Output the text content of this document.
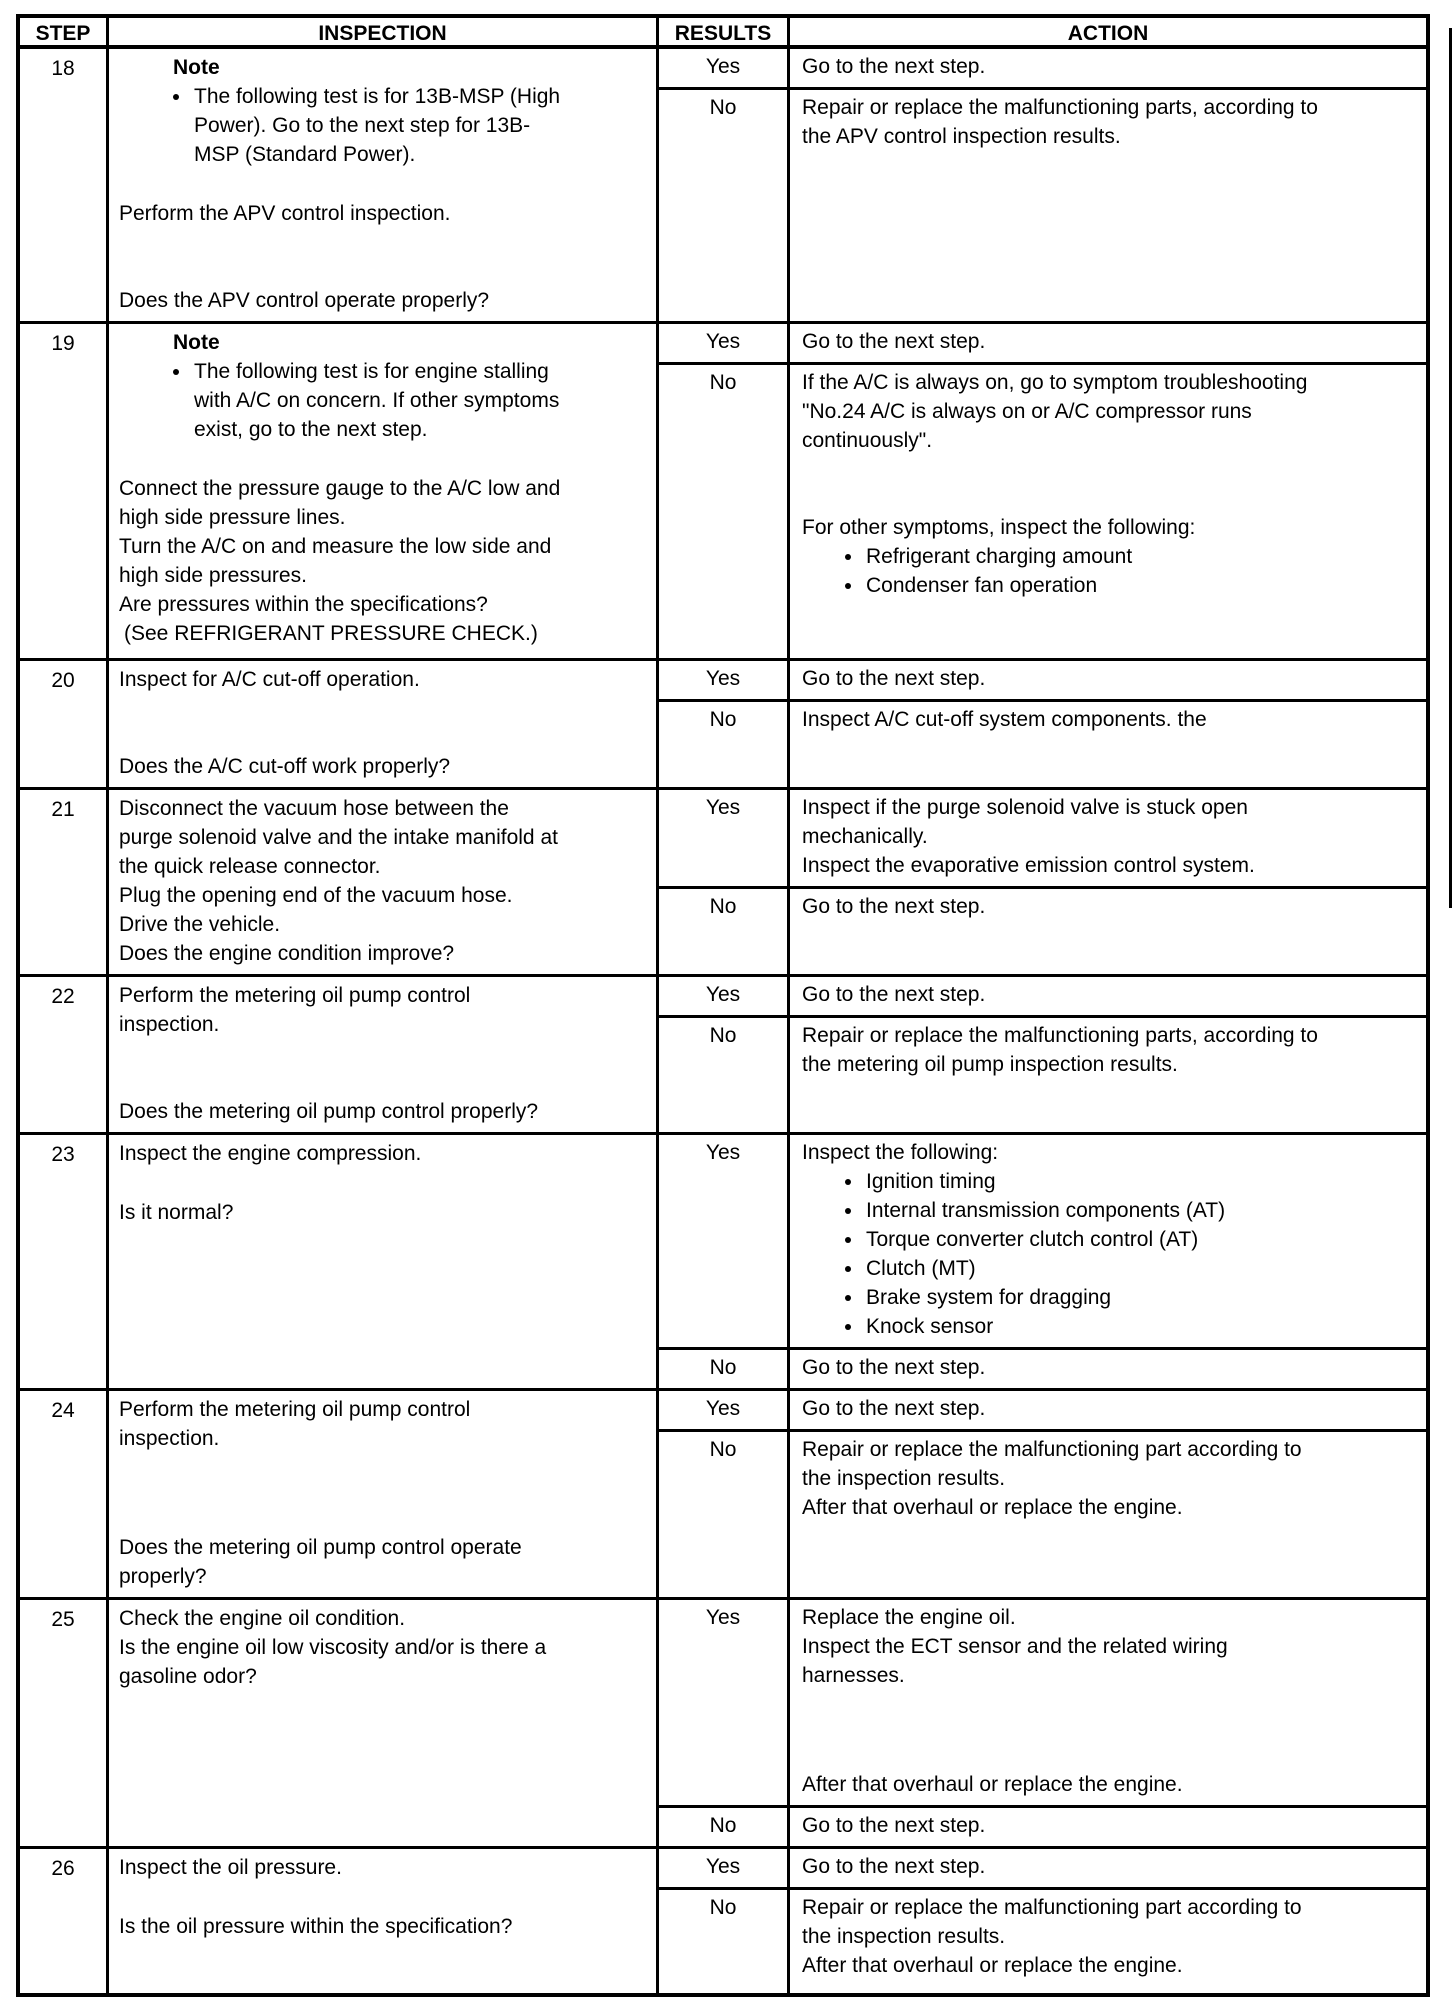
STEP	INSPECTION	RESULTS	ACTION
18	Note
• The following test is for 13B-MSP (High Power). Go to the next step for 13B-MSP (Standard Power).
Perform the APV control inspection.
Does the APV control operate properly?
Yes	Go to the next step.
No	Repair or replace the malfunctioning parts, according to the APV control inspection results.
19	Note
• The following test is for engine stalling with A/C on concern. If other symptoms exist, go to the next step.
Connect the pressure gauge to the A/C low and high side pressure lines.
Turn the A/C on and measure the low side and high side pressures.
Are pressures within the specifications?
(See REFRIGERANT PRESSURE CHECK.)
Yes	Go to the next step.
No	If the A/C is always on, go to symptom troubleshooting "No.24 A/C is always on or A/C compressor runs continuously".
For other symptoms, inspect the following:
• Refrigerant charging amount
• Condenser fan operation
20	Inspect for A/C cut-off operation.
Does the A/C cut-off work properly?
Yes	Go to the next step.
No	Inspect A/C cut-off system components. the
21	Disconnect the vacuum hose between the purge solenoid valve and the intake manifold at the quick release connector.
Plug the opening end of the vacuum hose.
Drive the vehicle.
Does the engine condition improve?
Yes	Inspect if the purge solenoid valve is stuck open mechanically.
Inspect the evaporative emission control system.
No	Go to the next step.
22	Perform the metering oil pump control inspection.
Does the metering oil pump control properly?
Yes	Go to the next step.
No	Repair or replace the malfunctioning parts, according to the metering oil pump inspection results.
23	Inspect the engine compression.
Is it normal?
Yes	Inspect the following:
• Ignition timing
• Internal transmission components (AT)
• Torque converter clutch control (AT)
• Clutch (MT)
• Brake system for dragging
• Knock sensor
No	Go to the next step.
24	Perform the metering oil pump control inspection.
Does the metering oil pump control operate properly?
Yes	Go to the next step.
No	Repair or replace the malfunctioning part according to the inspection results.
After that overhaul or replace the engine.
25	Check the engine oil condition.
Is the engine oil low viscosity and/or is there a gasoline odor?
Yes	Replace the engine oil.
Inspect the ECT sensor and the related wiring harnesses.
After that overhaul or replace the engine.
No	Go to the next step.
26	Inspect the oil pressure.
Is the oil pressure within the specification?
Yes	Go to the next step.
No	Repair or replace the malfunctioning part according to the inspection results.
After that overhaul or replace the engine.
